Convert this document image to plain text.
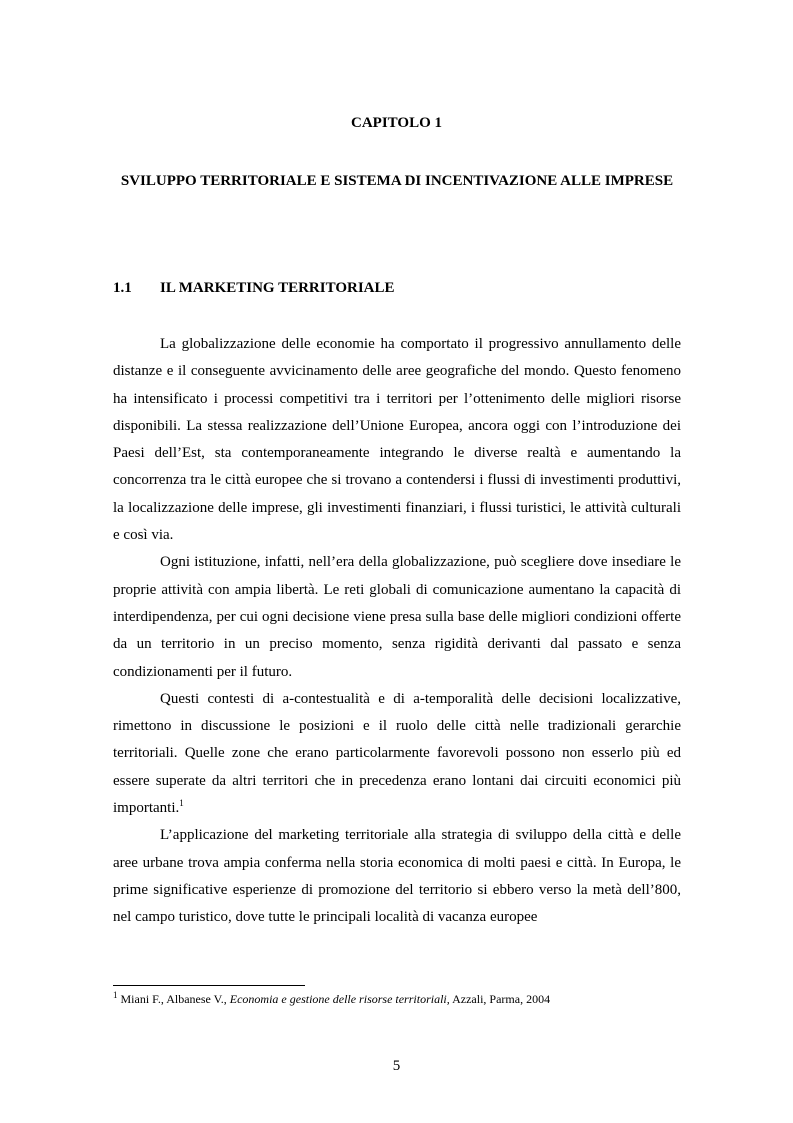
CAPITOLO 1
SVILUPPO TERRITORIALE E SISTEMA DI INCENTIVAZIONE ALLE IMPRESE
1.1 IL MARKETING TERRITORIALE

La globalizzazione delle economie ha comportato il progressivo annullamento delle distanze e il conseguente avvicinamento delle aree geografiche del mondo. Questo fenomeno ha intensificato i processi competitivi tra i territori per l’ottenimento delle migliori risorse disponibili. La stessa realizzazione dell’Unione Europea, ancora oggi con l’introduzione dei Paesi dell’Est, sta contemporaneamente integrando le diverse realtà e aumentando la concorrenza tra le città europee che si trovano a contendersi i flussi di investimenti produttivi, la localizzazione delle imprese, gli investimenti finanziari, i flussi turistici, le attività culturali e così via.

Ogni istituzione, infatti, nell’era della globalizzazione, può scegliere dove insediare le proprie attività con ampia libertà. Le reti globali di comunicazione aumentano la capacità di interdipendenza, per cui ogni decisione viene presa sulla base delle migliori condizioni offerte da un territorio in un preciso momento, senza rigidità derivanti dal passato e senza condizionamenti per il futuro.

Questi contesti di a-contestualità e di a-temporalità delle decisioni localizzative, rimettono in discussione le posizioni e il ruolo delle città nelle tradizionali gerarchie territoriali. Quelle zone che erano particolarmente favorevoli possono non esserlo più ed essere superate da altri territori che in precedenza erano lontani dai circuiti economici più importanti.$^1$

L’applicazione del marketing territoriale alla strategia di sviluppo della città e delle aree urbane trova ampia conferma nella storia economica di molti paesi e città. In Europa, le prime significative esperienze di promozione del territorio si ebbero verso la metà dell’800, nel campo turistico, dove tutte le principali località di vacanza europee

$^1$ Miani F., Albanese V., Economia e gestione delle risorse territoriali, Azzali, Parma, 2004
5
